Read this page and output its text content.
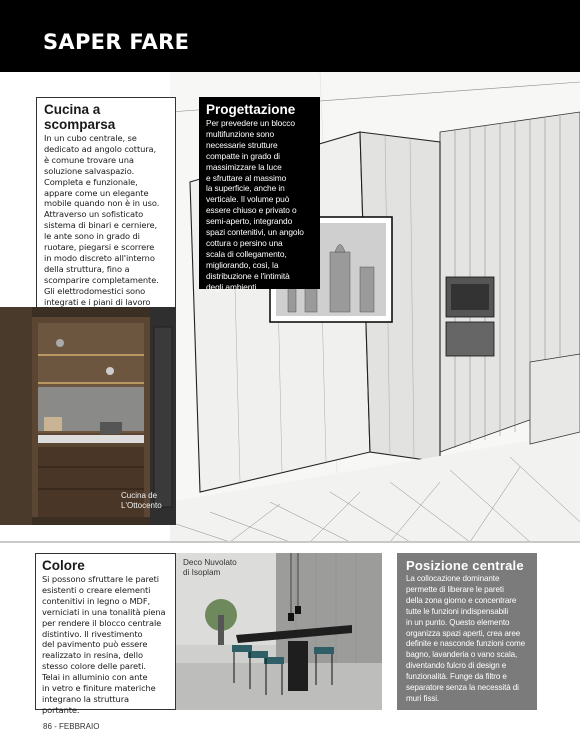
SAPER FARE
Cucina a scomparsa
In un cubo centrale, se
dedicato ad angolo cottura,
è comune trovare una
soluzione salvaspazio.
Completa e funzionale,
appare come un elegante
mobile quando non è in uso.
Attraverso un sofisticato
sistema di binari e cerniere,
le ante sono in grado di
ruotare, piegarsi e scorrere
in modo discreto all'interno
della struttura, fino a
scomparire completamente.
Gli elettrodomestici sono
integrati e i piani di lavoro
Progettazione
Per prevedere un blocco
multifunzione sono
necessarie strutture
compatte in grado di
massimizzare la luce
e sfruttare al massimo
la superficie, anche in
verticale. Il volume può
essere chiuso e privato o
semi-aperto, integrando
spazi contenitivi, un angolo
cottura o persino una
scala di collegamento,
migliorando, così, la
distribuzione e l'intimità
degli ambienti.
Cucina de
L'Ottocento
Colore
Si possono sfruttare le pareti
esistenti o creare elementi
contenitivi in legno o MDF,
verniciati in una tonalità piena
per rendere il blocco centrale
distintivo. Il rivestimento
del pavimento può essere
realizzato in resina, dello
stesso colore delle pareti.
Telai in alluminio con ante
in vetro e finiture materiche
integrano la struttura
portante.
Deco Nuvolato
di Isoplam	Posizione centrale
La collocazione dominante
permette di liberare le pareti
della zona giorno e concentrare
tutte le funzioni indispensabili
in un punto. Questo elemento
organizza spazi aperti, crea aree
definite e nasconde funzioni come
bagno, lavanderia o vano scala,
diventando fulcro di design e
funzionalità. Funge da filtro e
separatore senza la necessità di
muri fissi.
86 - FEBBRAIO
